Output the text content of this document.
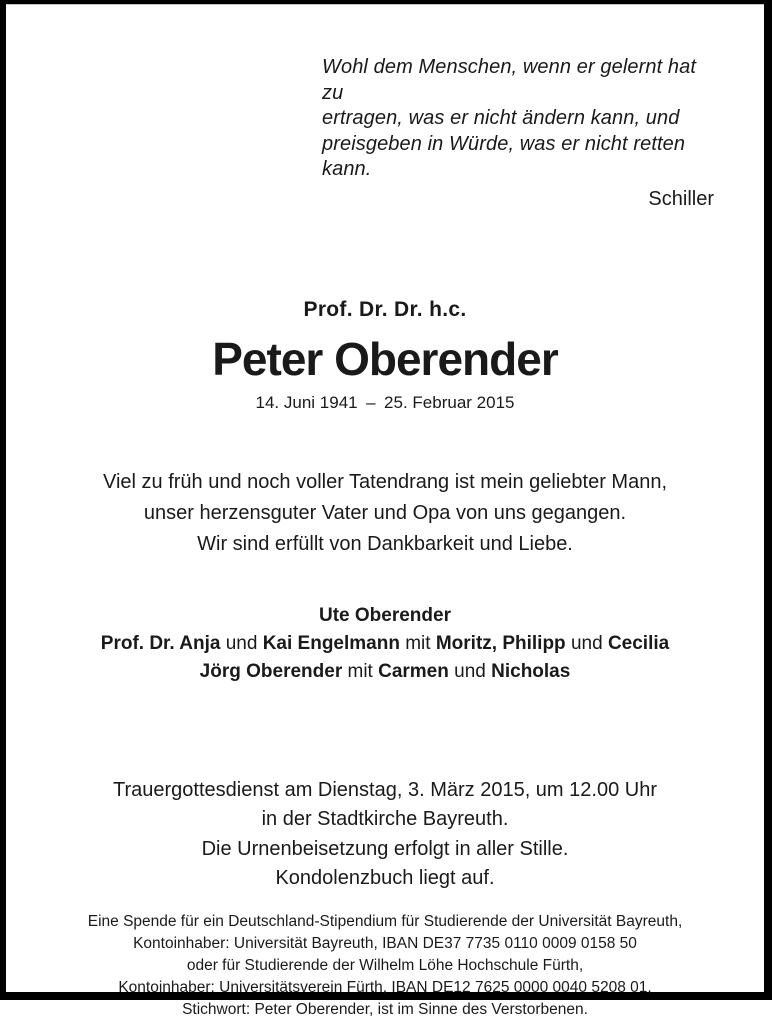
Wohl dem Menschen, wenn er gelernt hat zu
ertragen, was er nicht ändern kann, und
preisgeben in Würde, was er nicht retten kann.
Schiller
Prof. Dr. Dr. h.c.
Peter Oberender
14. Juni 1941 – 25. Februar 2015
Viel zu früh und noch voller Tatendrang ist mein geliebter Mann,
unser herzensguter Vater und Opa von uns gegangen.
Wir sind erfüllt von Dankbarkeit und Liebe.
Ute Oberender
Prof. Dr. Anja und Kai Engelmann mit Moritz, Philipp und Cecilia
Jörg Oberender mit Carmen und Nicholas
Trauergottesdienst am Dienstag, 3. März 2015, um 12.00 Uhr
in der Stadtkirche Bayreuth.
Die Urnenbeisetzung erfolgt in aller Stille.
Kondolenzbuch liegt auf.
Eine Spende für ein Deutschland-Stipendium für Studierende der Universität Bayreuth,
Kontoinhaber: Universität Bayreuth, IBAN DE37 7735 0110 0009 0158 50
oder für Studierende der Wilhelm Löhe Hochschule Fürth,
Kontoinhaber: Universitätsverein Fürth, IBAN DE12 7625 0000 0040 5208 01,
Stichwort: Peter Oberender, ist im Sinne des Verstorbenen.
